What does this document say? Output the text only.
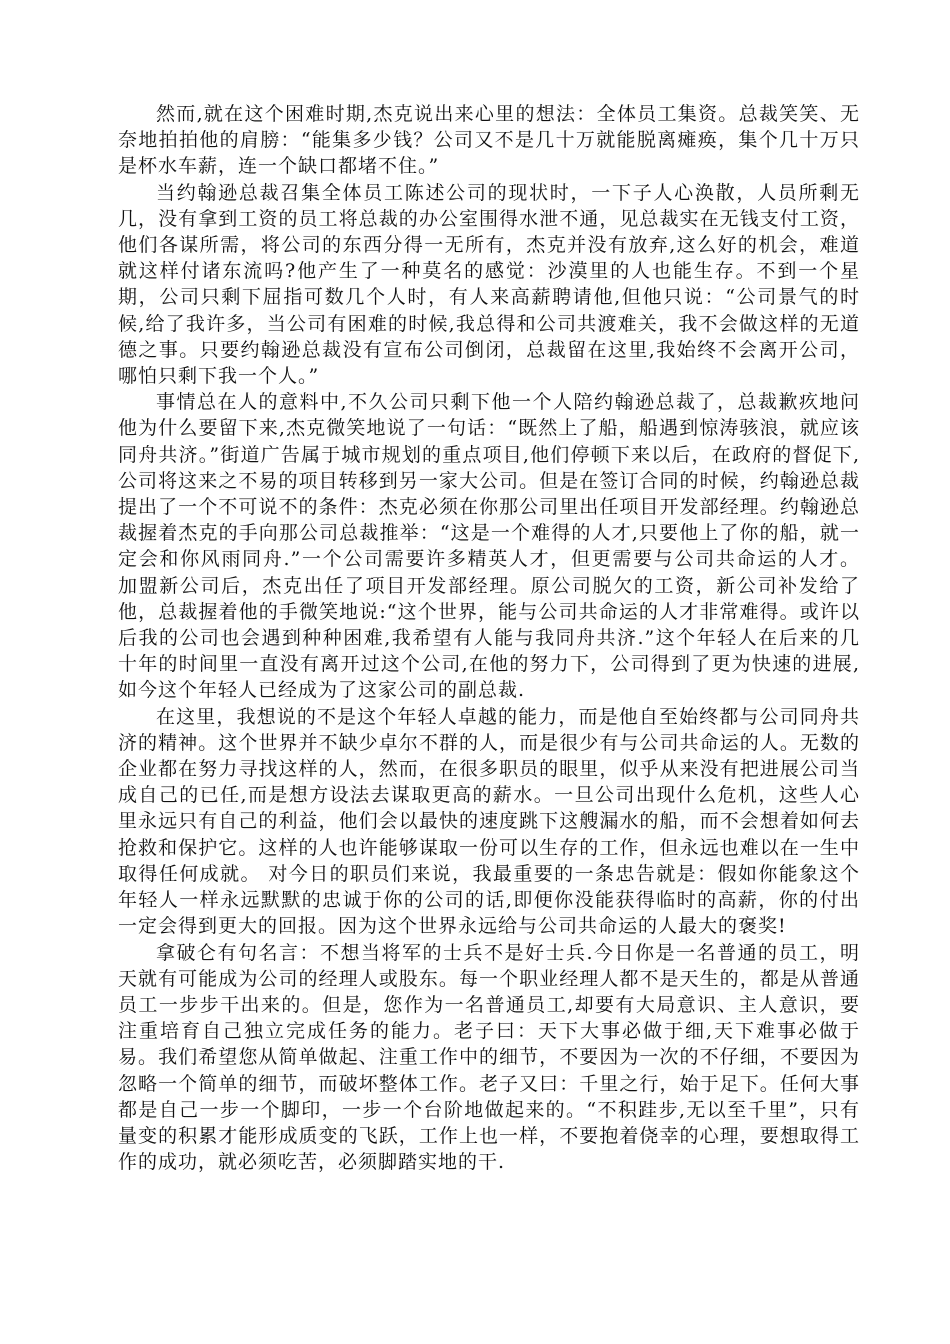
然而,就在这个困难时期,杰克说出来心里的想法：全体员工集资。总裁笑笑、无奈地拍拍他的肩膀：“能集多少钱？公司又不是几十万就能脱离瘫痪，集个几十万只是杯水车薪，连一个缺口都堵不住。”

当约翰逊总裁召集全体员工陈述公司的现状时，一下子人心涣散，人员所剩无几，没有拿到工资的员工将总裁的办公室围得水泄不通，见总裁实在无钱支付工资，他们各谋所需，将公司的东西分得一无所有，杰克并没有放弃,这么好的机会，难道就这样付诸东流吗?他产生了一种莫名的感觉：沙漠里的人也能生存。不到一个星期，公司只剩下屈指可数几个人时，有人来高薪聘请他,但他只说：“公司景气的时候,给了我许多，当公司有困难的时候,我总得和公司共渡难关，我不会做这样的无道德之事。只要约翰逊总裁没有宣布公司倒闭，总裁留在这里,我始终不会离开公司，哪怕只剩下我一个人。”

事情总在人的意料中,不久公司只剩下他一个人陪约翰逊总裁了，总裁歉疚地问他为什么要留下来,杰克微笑地说了一句话：“既然上了船，船遇到惊涛骇浪，就应该同舟共济。”街道广告属于城市规划的重点项目,他们停顿下来以后，在政府的督促下,公司将这来之不易的项目转移到另一家大公司。但是在签订合同的时候，约翰逊总裁提出了一个不可说不的条件：杰克必须在你那公司里出任项目开发部经理。约翰逊总裁握着杰克的手向那公司总裁推举：“这是一个难得的人才,只要他上了你的船，就一定会和你风雨同舟.”一个公司需要许多精英人才，但更需要与公司共命运的人才。 加盟新公司后，杰克出任了项目开发部经理。原公司脱欠的工资，新公司补发给了他，总裁握着他的手微笑地说:“这个世界，能与公司共命运的人才非常难得。或许以后我的公司也会遇到种种困难,我希望有人能与我同舟共济.”这个年轻人在后来的几十年的时间里一直没有离开过这个公司,在他的努力下，公司得到了更为快速的进展,如今这个年轻人已经成为了这家公司的副总裁.

在这里，我想说的不是这个年轻人卓越的能力，而是他自至始终都与公司同舟共济的精神。这个世界并不缺少卓尔不群的人，而是很少有与公司共命运的人。无数的企业都在努力寻找这样的人，然而，在很多职员的眼里，似乎从来没有把进展公司当成自己的已任,而是想方设法去谋取更高的薪水。一旦公司出现什么危机，这些人心里永远只有自己的利益，他们会以最快的速度跳下这艘漏水的船，而不会想着如何去抢救和保护它。这样的人也许能够谋取一份可以生存的工作，但永远也难以在一生中取得任何成就。 对今日的职员们来说，我最重要的一条忠告就是：假如你能象这个年轻人一样永远默默的忠诚于你的公司的话,即便你没能获得临时的高薪，你的付出一定会得到更大的回报。因为这个世界永远给与公司共命运的人最大的褒奖!

拿破仑有句名言：不想当将军的士兵不是好士兵.今日你是一名普通的员工，明天就有可能成为公司的经理人或股东。每一个职业经理人都不是天生的，都是从普通员工一步步干出来的。但是，您作为一名普通员工,却要有大局意识、主人意识，要注重培育自己独立完成任务的能力。老子曰：天下大事必做于细,天下难事必做于易。我们希望您从简单做起、注重工作中的细节，不要因为一次的不仔细，不要因为忽略一个简单的细节，而破坏整体工作。老子又曰：千里之行，始于足下。任何大事都是自己一步一个脚印，一步一个台阶地做起来的。“不积跬步,无以至千里”，只有量变的积累才能形成质变的飞跃，工作上也一样，不要抱着侥幸的心理，要想取得工作的成功，就必须吃苦，必须脚踏实地的干.
